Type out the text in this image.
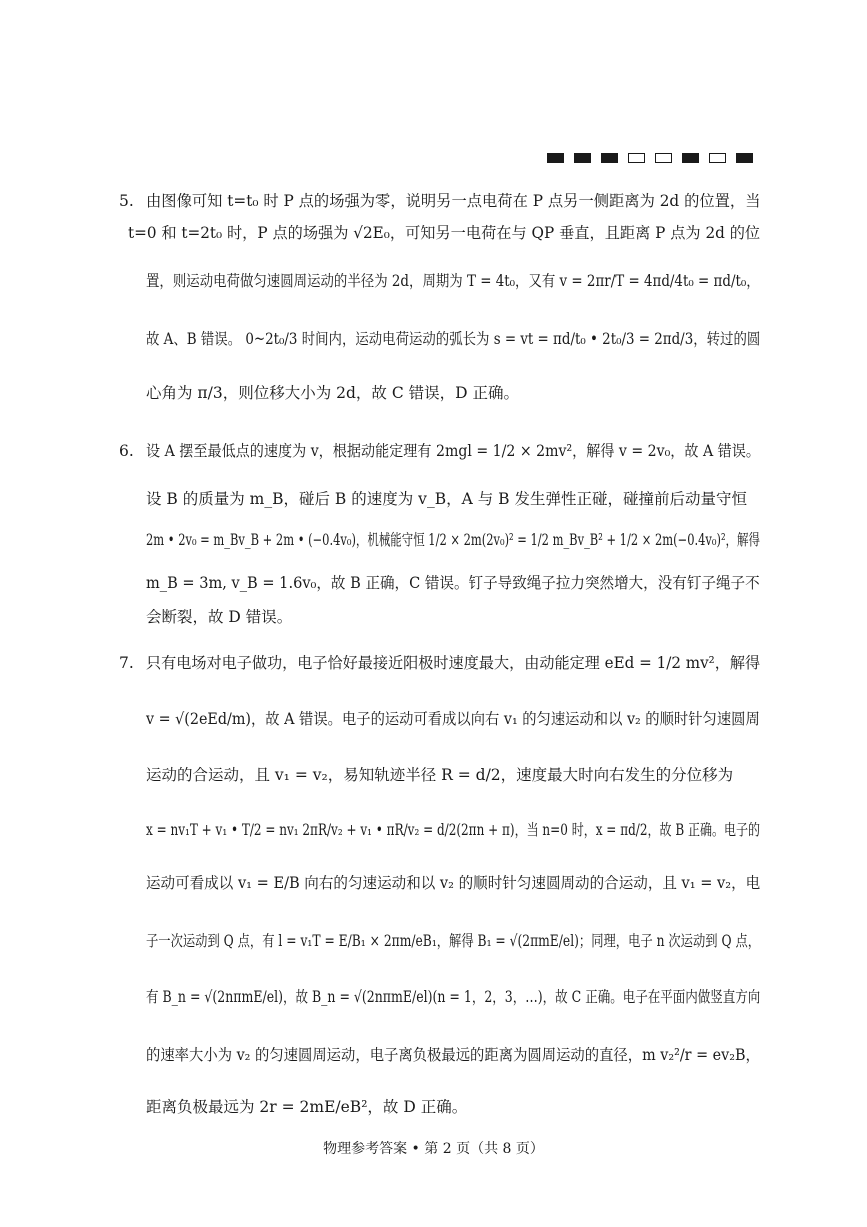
5. 由图像可知 t=t₀ 时 P 点的场强为零，说明另一点电荷在 P 点另一侧距离为 2d 的位置，当
t=0 和 t=2t₀ 时，P 点的场强为 √2E₀，可知另一电荷在与 QP 垂直，且距离 P 点为 2d 的位
置，则运动电荷做匀速圆周运动的半径为 2d，周期为 T = 4t₀，又有 v = 2πr/T = 4πd/4t₀ = πd/t₀，
故 A、B 错误。 0~2t₀/3 时间内，运动电荷运动的弧长为 s = vt = πd/t₀ • 2t₀/3 = 2πd/3，转过的圆
心角为 π/3，则位移大小为 2d，故 C 错误，D 正确。
6. 设 A 摆至最低点的速度为 v，根据动能定理有 2mgl = 1/2 × 2mv²，解得 v = 2v₀，故 A 错误。
设 B 的质量为 m_B，碰后 B 的速度为 v_B，A 与 B 发生弹性正碰，碰撞前后动量守恒
2m • 2v₀ = m_Bv_B + 2m • (−0.4v₀)，机械能守恒 1/2 × 2m(2v₀)² = 1/2 m_Bv_B² + 1/2 × 2m(−0.4v₀)²，解得
m_B = 3m, v_B = 1.6v₀，故 B 正确，C 错误。钉子导致绳子拉力突然增大，没有钉子绳子不
会断裂，故 D 错误。
7. 只有电场对电子做功，电子恰好最接近阳极时速度最大，由动能定理 eEd = 1/2 mv²，解得
v = √(2eEd/m)，故 A 错误。电子的运动可看成以向右 v₁ 的匀速运动和以 v₂ 的顺时针匀速圆周
运动的合运动，且 v₁ = v₂，易知轨迹半径 R = d/2，速度最大时向右发生的分位移为
x = nv₁T + v₁ • T/2 = nv₁ 2πR/v₂ + v₁ • πR/v₂ = d/2(2πn + π)，当 n=0 时，x = πd/2，故 B 正确。电子的
运动可看成以 v₁ = E/B 向右的匀速运动和以 v₂ 的顺时针匀速圆周动的合运动，且 v₁ = v₂，电
子一次运动到 Q 点，有 l = v₁T = E/B₁ × 2πm/eB₁，解得 B₁ = √(2πmE/el)；同理，电子 n 次运动到 Q 点，
有 B_n = √(2nπmE/el)，故 B_n = √(2nπmE/el)(n = 1，2，3，…)，故 C 正确。电子在平面内做竖直方向
的速率大小为 v₂ 的匀速圆周运动，电子离负极最远的距离为圆周运动的直径，m v₂²/r = ev₂B，
距离负极最远为 2r = 2mE/eB²，故 D 正确。
物理参考答案 • 第 2 页（共 8 页）
